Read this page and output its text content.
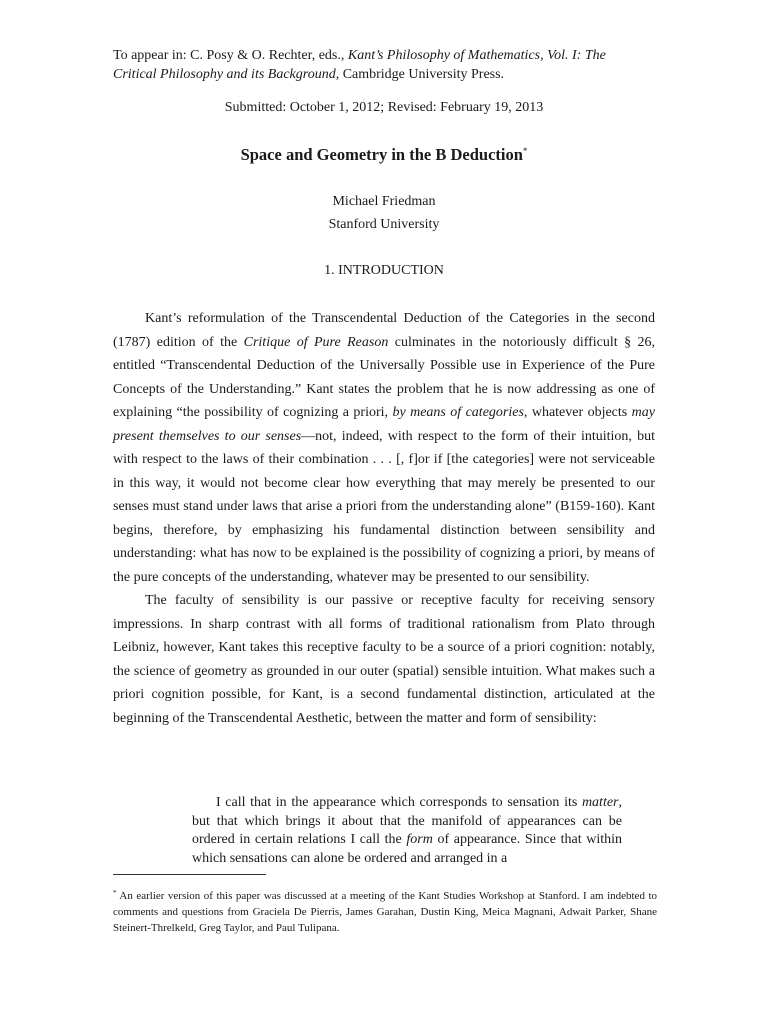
To appear in: C. Posy & O. Rechter, eds., Kant’s Philosophy of Mathematics, Vol. I: The
Critical Philosophy and its Background, Cambridge University Press.
Submitted: October 1, 2012; Revised: February 19, 2013
Space and Geometry in the B Deduction*
Michael Friedman
Stanford University
1. INTRODUCTION

Kant’s reformulation of the Transcendental Deduction of the Categories in the second (1787) edition of the Critique of Pure Reason culminates in the notoriously difficult § 26, entitled “Transcendental Deduction of the Universally Possible use in Experience of the Pure Concepts of the Understanding.” Kant states the problem that he is now addressing as one of explaining “the possibility of cognizing a priori, by means of categories, whatever objects may present themselves to our senses—not, indeed, with respect to the form of their intuition, but with respect to the laws of their combination . . . [, f]or if [the categories] were not serviceable in this way, it would not become clear how everything that may merely be presented to our senses must stand under laws that arise a priori from the understanding alone” (B159-160). Kant begins, therefore, by emphasizing his fundamental distinction between sensibility and understanding: what has now to be explained is the possibility of cognizing a priori, by means of the pure concepts of the understanding, whatever may be presented to our sensibility.

The faculty of sensibility is our passive or receptive faculty for receiving sensory impressions. In sharp contrast with all forms of traditional rationalism from Plato through Leibniz, however, Kant takes this receptive faculty to be a source of a priori cognition: notably, the science of geometry as grounded in our outer (spatial) sensible intuition. What makes such a priori cognition possible, for Kant, is a second fundamental distinction, articulated at the beginning of the Transcendental Aesthetic, between the matter and form of sensibility:

I call that in the appearance which corresponds to sensation its matter, but that which brings it about that the manifold of appearances can be ordered in certain relations I call the form of appearance. Since that within which sensations can alone be ordered and arranged in a
* An earlier version of this paper was discussed at a meeting of the Kant Studies Workshop at Stanford. I am indebted to comments and questions from Graciela De Pierris, James Garahan, Dustin King, Meica Magnani, Adwait Parker, Shane Steinert-Threlkeld, Greg Taylor, and Paul Tulipana.
